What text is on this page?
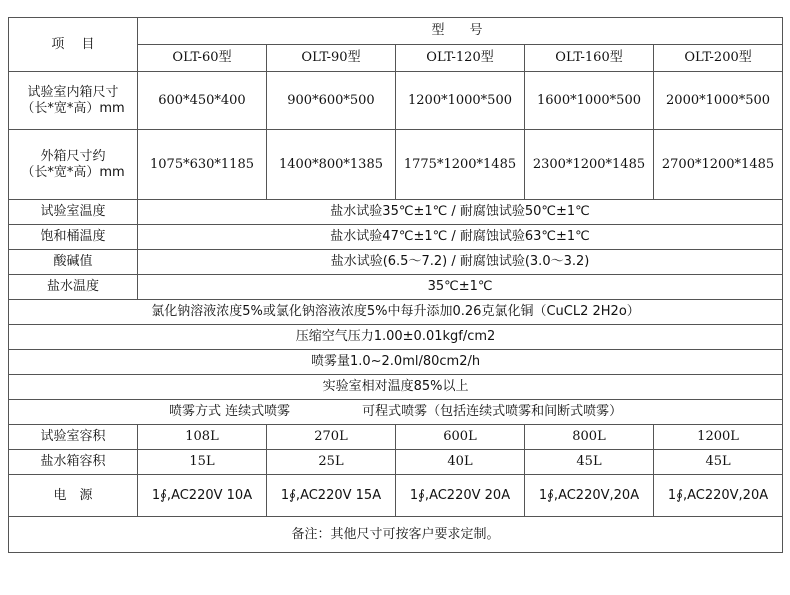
项　 目	型　号				
	OLT-60型	OLT-90型	OLT-120型	OLT-160型	OLT-200型

试验室内箱尺寸
（长*宽*高）mm	600*450*400	900*600*500	1200*1000*500	1600*1000*500	2000*1000*500

外箱尺寸约
（长*宽*高）mm	1075*630*1185	1400*800*1385	1775*1200*1485	2300*1200*1485	2700*1200*1485
试验室温度	盐水试验35℃±1℃ / 耐腐蚀试验50℃±1℃				
饱和桶温度	盐水试验47℃±1℃ / 耐腐蚀试验63℃±1℃				
酸碱值	盐水试验(6.5～7.2) / 耐腐蚀试验(3.0～3.2)				
盐水温度	35℃±1℃				
氯化钠溶液浓度5%或氯化钠溶液浓度5%中每升添加0.26克氯化铜（CuCL2 2H2o）					
压缩空气压力1.00±0.01kgf/cm2					
喷雾量1.0~2.0ml/80cm2/h					
实验室相对温度85%以上					
喷雾方式 连续式喷雾 可程式喷雾（包括连续式喷雾和间断式喷雾）					
试验室容积	108L	270L	600L	800L	1200L
盐水箱容积	15L	25L	40L	45L	45L
电　源	1∮,AC220V 10A	1∮,AC220V 15A	1∮,AC220V 20A	1∮,AC220V,20A	1∮,AC220V,20A
备注：其他尺寸可按客户要求定制。					
